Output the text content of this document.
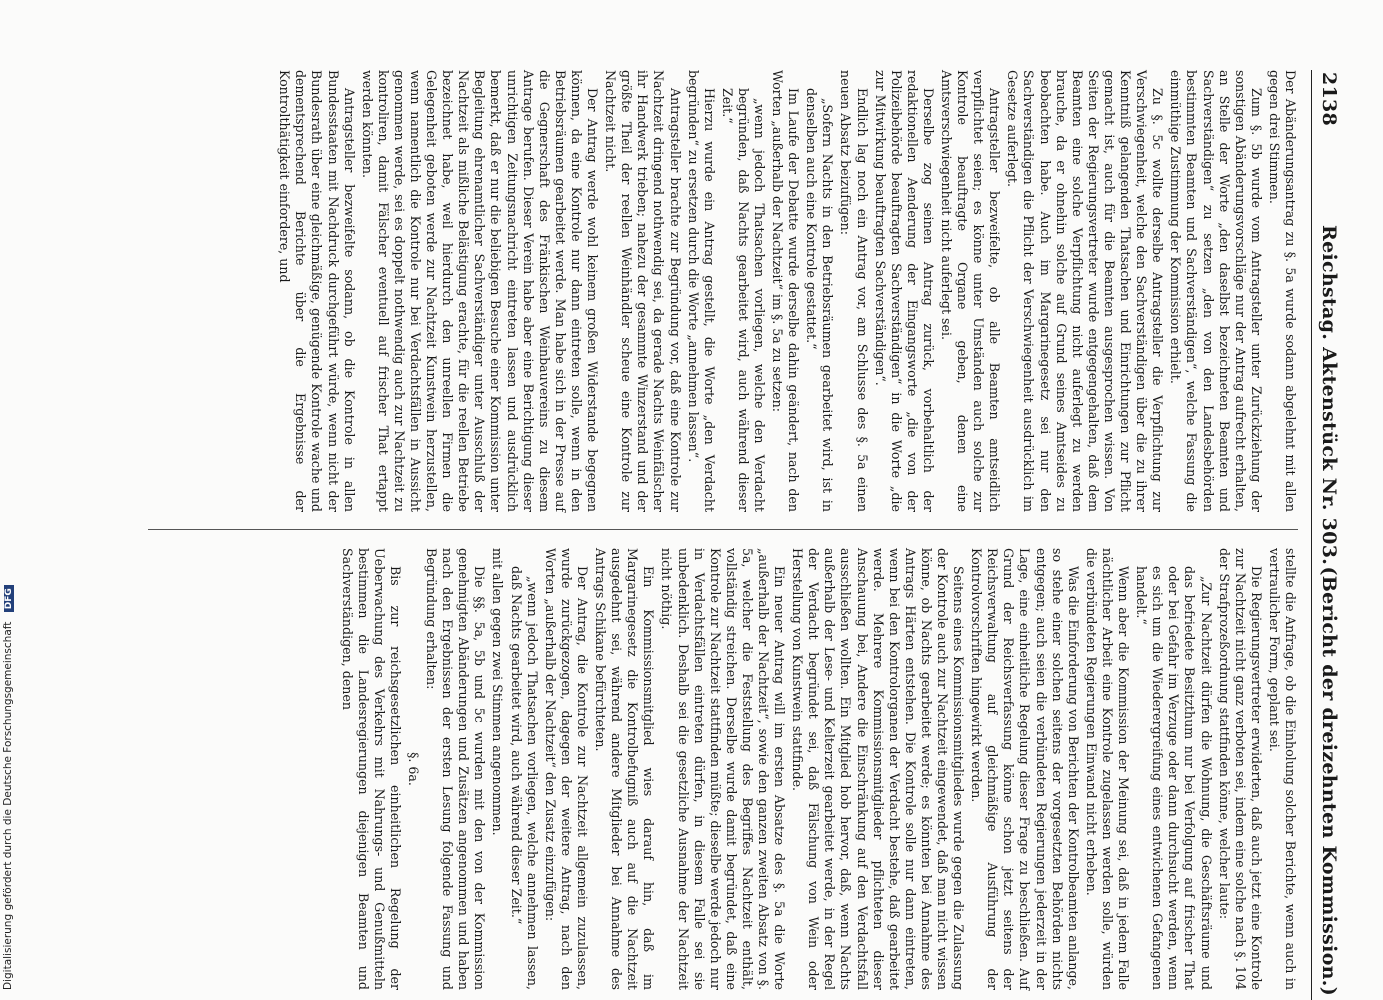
2138
Reichstag. Aktenstück Nr. 303.
(Bericht der dreizehnten Kommission.)

Der Abänderungsantrag zu §. 5a wurde sodann abgelehnt mit allen gegen drei Stimmen.

Zum §. 5b wurde vom Antragsteller unter Zurückziehung der sonstigen Abänderungsvorschläge nur der Antrag aufrecht erhalten, an Stelle der Worte „den daselbst bezeichneten Beamten und Sachverständigen“ zu setzen „den von den Landesbehörden bestimmten Beamten und Sachverständigen“, welche Fassung die einmüthige Zustimmung der Kommission erhielt.

Zu §. 5c wollte derselbe Antragsteller die Verpflichtung zur Verschwiegenheit, welche den Sachverständigen über die zu ihrer Kenntniß gelangenden Thatsachen und Einrichtungen zur Pflicht gemacht ist, auch für die Beamten ausgesprochen wissen. Von Seiten der Regierungsvertreter wurde entgegengehalten, daß dem Beamten eine solche Verpflichtung nicht auferlegt zu werden brauche, da er ohnehin solche auf Grund seines Amtseides zu beobachten habe. Auch im Margarinegesetz sei nur den Sachverständigen die Pflicht der Verschwiegenheit ausdrücklich im Gesetze auferlegt.

Antragsteller bezweifelte, ob alle Beamten amtseidlich verpflichtet seien; es könne unter Umständen auch solche zur Kontrole beauftragte Organe geben, denen eine Amtsverschwiegenheit nicht auferlegt sei.

Derselbe zog seinen Antrag zurück, vorbehaltlich der redaktionellen Aenderung der Eingangsworte „die von der Polizeibehörde beauftragten Sachverständigen“ in die Worte „die zur Mitwirkung beauftragten Sachverständigen“.

Endlich lag noch ein Antrag vor, am Schlusse des §. 5a einen neuen Absatz beizufügen:

„Sofern Nachts in den Betriebsräumen gearbeitet wird, ist in denselben auch eine Kontrole gestattet.“

Im Laufe der Debatte wurde derselbe dahin geändert, nach den Worten „außerhalb der Nachtzeit“ im §. 5a zu setzen:

„wenn jedoch Thatsachen vorliegen, welche den Verdacht begründen, daß Nachts gearbeitet wird, auch während dieser Zeit.“

Hierzu wurde ein Antrag gestellt, die Worte „den Verdacht begründen“ zu ersetzen durch die Worte „annehmen lassen“.

Antragsteller brachte zur Begründung vor, daß eine Kontrole zur Nachtzeit dringend nothwendig sei, da gerade Nachts Weinfälscher ihr Handwerk trieben; nahezu der gesammte Winzerstand und der größte Theil der reellen Weinhändler scheue eine Kontrole zur Nachtzeit nicht.

Der Antrag werde wohl keinem großen Widerstande begegnen können, da eine Kontrole nur dann eintreten solle, wenn in den Betriebsräumen gearbeitet werde. Man habe sich in der Presse auf die Gegnerschaft des Fränkischen Weinbauvereins zu diesem Antrage berufen. Dieser Verein habe aber eine Berichtigung dieser unrichtigen Zeitungsnachricht eintreten lassen und ausdrücklich bemerkt, daß er nur die beliebigen Besuche einer Kommission unter Begleitung ehrenamtlicher Sachverständiger unter Ausschluß der Nachtzeit als mißliche Belästigung erachte, für die reellen Betriebe bezeichnet habe, weil hierdurch den unreellen Firmen die Gelegenheit geboten werde zur Nachtzeit Kunstwein herzustellen, wenn namentlich die Kontrole nur bei Verdachtsfällen in Aussicht genommen werde, sei es doppelt nothwendig auch zur Nachtzeit zu kontroliren, damit Fälscher eventuell auf frischer That ertappt werden könnten.

Antragsteller bezweifelte sodann, ob die Kontrole in allen Bundesstaaten mit Nachdruck durchgeführt würde, wenn nicht der Bundesrath über eine gleichmäßige, genügende Kontrole wache und dementsprechend Berichte über die Ergebnisse der Kontrolthätigkeit einfordere, und

stellte die Anfrage, ob die Einholung solcher Berichte, wenn auch in vertraulicher Form, geplant sei.

Die Regierungsvertreter erwiderten, daß auch jetzt eine Kontrole zur Nachtzeit nicht ganz verboten sei, indem eine solche nach §. 104 der Strafprozeßordnung stattfinden könne, welcher laute:

„Zur Nachtzeit dürfen die Wohnung, die Geschäftsräume und das befriedete Besitzthum nur bei Verfolgung auf frischer That oder bei Gefahr im Verzuge oder dann durchsucht werden, wenn es sich um die Wiederergreifung eines entwichenen Gefangenen handelt.“

Wenn aber die Kommission der Meinung sei, daß in jedem Falle nächtlicher Arbeit eine Kontrole zugelassen werden solle, würden die verbündeten Regierungen Einwand nicht erheben.

Was die Einforderung von Berichten der Kontrolbeamten anlange, so stehe einer solchen seitens der vorgesetzten Behörden nichts entgegen; auch seien die verbündeten Regierungen jederzeit in der Lage, eine einheitliche Regelung dieser Frage zu beschließen. Auf Grund der Reichsverfassung könne schon jetzt seitens der Reichsverwaltung auf gleichmäßige Ausführung der Kontrolvorschriften hingewirkt werden.

Seitens eines Kommissionsmitgliedes wurde gegen die Zulassung der Kontrole auch zur Nachtzeit eingewendet, daß man nicht wissen könne, ob Nachts gearbeitet werde; es könnten bei Annahme des Antrags Härten entstehen. Die Kontrole solle nur dann eintreten, wenn bei den Kontrolorganen der Verdacht bestehe, daß gearbeitet werde. Mehrere Kommissionsmitglieder pflichteten dieser Anschauung bei, Andere die Einschränkung auf den Verdachtsfall ausschließen wollten. Ein Mitglied hob hervor, daß, wenn Nachts außerhalb der Lese- und Kelterzeit gearbeitet werde, in der Regel der Verdacht begründet sei, daß Fälschung von Wein oder Herstellung von Kunstwein stattfinde.

Ein neuer Antrag will im ersten Absatze des §. 5a die Worte „außerhalb der Nachtzeit“, sowie den ganzen zweiten Absatz von §. 5a, welcher die Feststellung des Begriffes Nachtzeit enthält, vollständig streichen. Derselbe wurde damit begründet, daß eine Kontrole zur Nachtzeit stattfinden müßte; dieselbe werde jedoch nur in Verdachtsfällen eintreten dürfen, in diesem Falle sei sie unbedenklich. Deshalb sei die gesetzliche Ausnahme der Nachtzeit nicht nöthig.

Ein Kommissionsmitglied wies darauf hin, daß im Margarinegesetz die Kontrolbefugniß auch auf die Nachtzeit ausgedehnt sei, während andere Mitglieder bei Annahme des Antrags Schikane befürchteten.

Der Antrag, die Kontrole zur Nachtzeit allgemein zuzulassen, wurde zurückgezogen, dagegen der weitere Antrag, nach den Worten „außerhalb der Nachtzeit“ den Zusatz einzufügen:

„wenn jedoch Thatsachen vorliegen, welche annehmen lassen, daß Nachts gearbeitet wird, auch während dieser Zeit.“

mit allen gegen zwei Stimmen angenommen.

Die §§. 5a, 5b und 5c wurden mit den von der Kommission genehmigten Abänderungen und Zusätzen angenommen und haben nach den Ergebnissen der ersten Lesung folgende Fassung und Begründung erhalten:

§. 6a.

Bis zur reichsgesetzlichen einheitlichen Regelung der Ueberwachung des Verkehrs mit Nahrungs- und Genußmitteln bestimmen die Landesregierungen diejenigen Beamten und Sachverständigen, denen

Digitalisierung gefördert durch die Deutsche Forschungsgemeinschaft DFG
